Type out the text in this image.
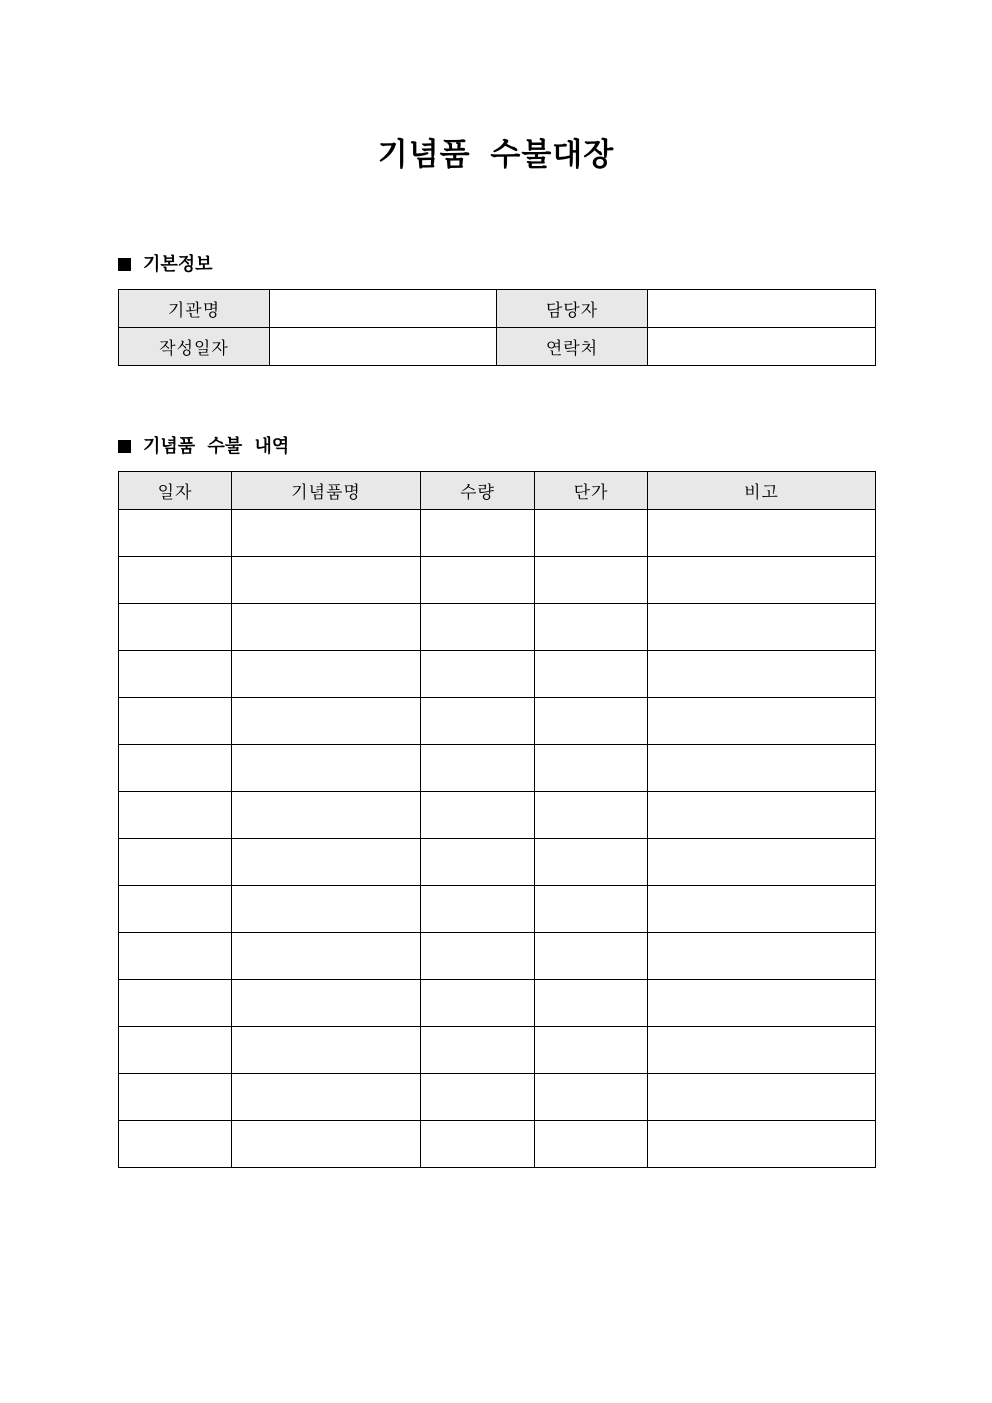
기념품 수불대장
기본정보
기관명		담당자	
작성일자		연락처	
기념품 수불 내역
일자	기념품명	수량	단가	비고
